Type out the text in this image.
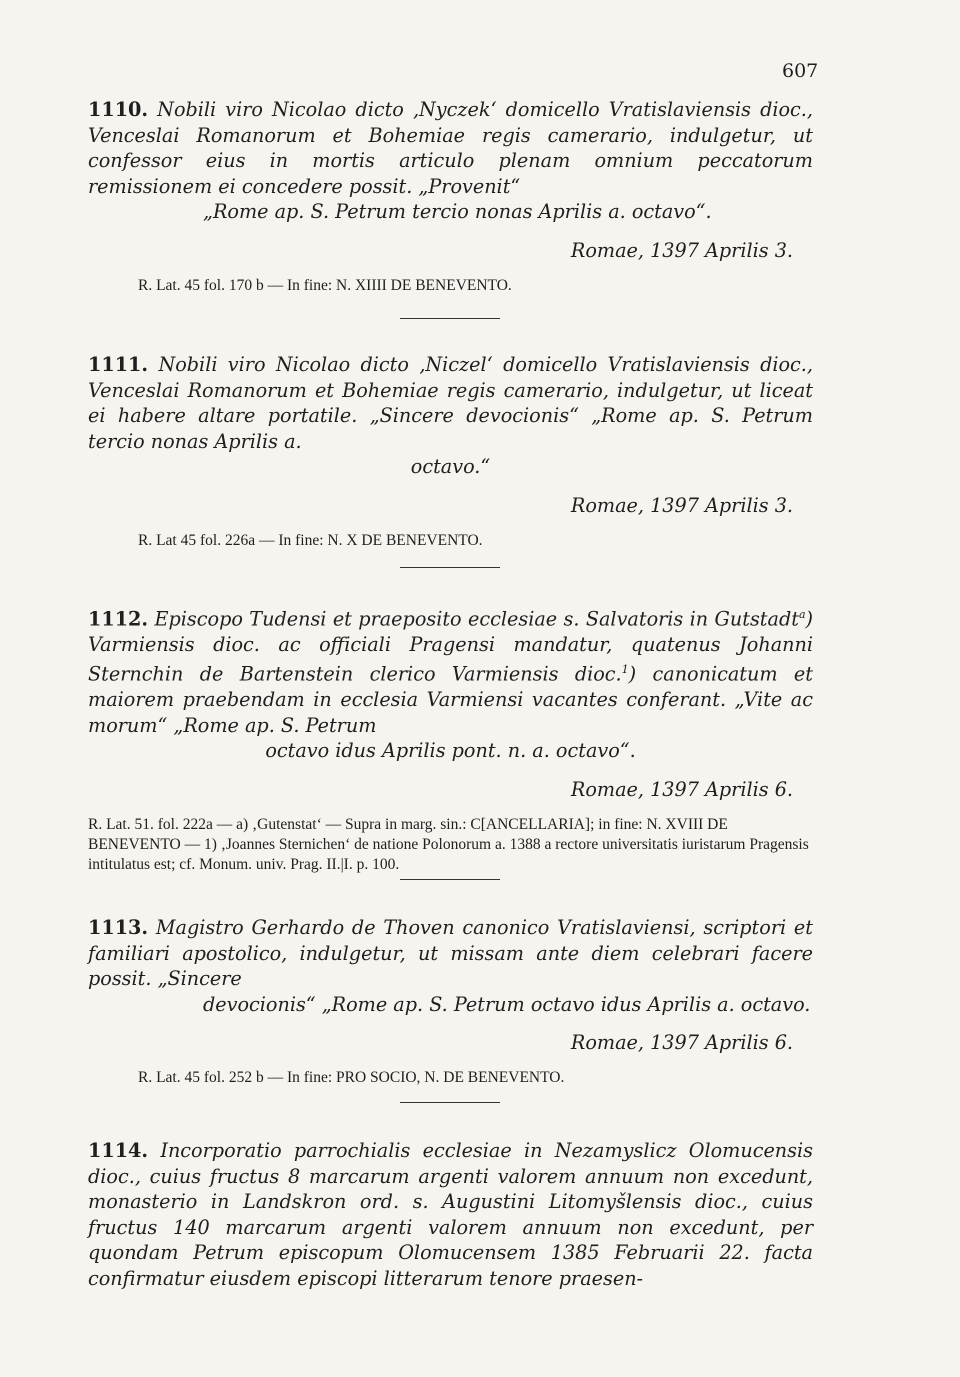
607

1110. Nobili viro Nicolao dicto ‚Nyczek‘ domicello Vratislaviensis dioc., Venceslai Romanorum et Bohemiae regis camerario, indulgetur, ut confessor eius in mortis articulo plenam omnium peccatorum remissionem ei concedere possit. „Provenit“

„Rome ap. S. Petrum tercio nonas Aprilis a. octavo“.
Romae, 1397 Aprilis 3.
R. Lat. 45 fol. 170 b — In fine: N. XIIII DE BENEVENTO.

1111. Nobili viro Nicolao dicto ‚Niczel‘ domicello Vratislaviensis dioc., Venceslai Romanorum et Bohemiae regis camerario, indulgetur, ut liceat ei habere altare portatile. „Sincere devocionis“ „Rome ap. S. Petrum tercio nonas Aprilis a.

octavo.“
Romae, 1397 Aprilis 3.
R. Lat 45 fol. 226a — In fine: N. X DE BENEVENTO.

1112. Episcopo Tudensi et praeposito ecclesiae s. Salvatoris in Gutstadt$^a$) Varmiensis dioc. ac officiali Pragensi mandatur, quatenus Johanni Sternchin de Bartenstein clerico Varmiensis dioc.$^1$) canonicatum et maiorem praebendam in ecclesia Varmiensi vacantes conferant. „Vite ac morum“ „Rome ap. S. Petrum

octavo idus Aprilis pont. n. a. octavo“.
Romae, 1397 Aprilis 6.
R. Lat. 51. fol. 222a — a) ‚Gutenstat‘ — Supra in marg. sin.: C[ANCELLARIA]; in fine: N. XVIII DE BENEVENTO — 1) ‚Joannes Sternichen‘ de natione Polonorum a. 1388 a rectore universitatis iuristarum Pragensis intitulatus est; cf. Monum. univ. Prag. II.|I. p. 100.

1113. Magistro Gerhardo de Thoven canonico Vratislaviensi, scriptori et familiari apostolico, indulgetur, ut missam ante diem celebrari facere possit. „Sincere

devocionis“ „Rome ap. S. Petrum octavo idus Aprilis a. octavo.
Romae, 1397 Aprilis 6.
R. Lat. 45 fol. 252 b — In fine: PRO SOCIO, N. DE BENEVENTO.

1114. Incorporatio parrochialis ecclesiae in Nezamyslicz Olomucensis dioc., cuius fructus 8 marcarum argenti valorem annuum non excedunt, monasterio in Landskron ord. s. Augustini Litomyšlensis dioc., cuius fructus 140 marcarum argenti valorem annuum non excedunt, per quondam Petrum episcopum Olomucensem 1385 Februarii 22. facta confirmatur eiusdem episcopi litterarum tenore praesen-
